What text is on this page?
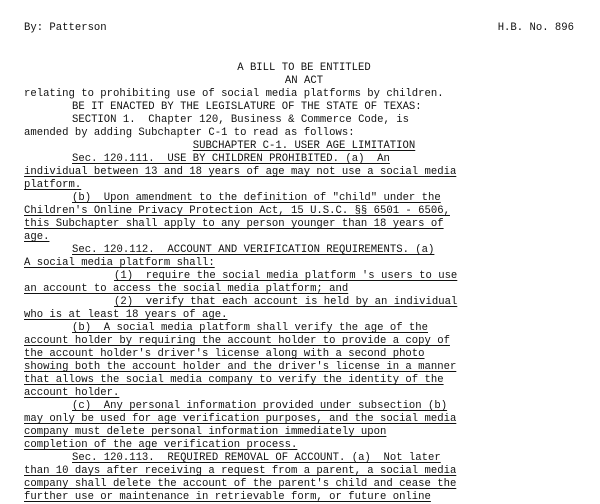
By: Patterson	H.B. No. 896
A BILL TO BE ENTITLED
AN ACT
relating to prohibiting use of social media platforms by children.
BE IT ENACTED BY THE LEGISLATURE OF THE STATE OF TEXAS:
SECTION 1.  Chapter 120, Business & Commerce Code, is
amended by adding Subchapter C-1 to read as follows:
SUBCHAPTER C-1. USER AGE LIMITATION
Sec. 120.111.  USE BY CHILDREN PROHIBITED. (a)  An
individual between 13 and 18 years of age may not use a social media
platform.
(b)  Upon amendment to the definition of "child" under the
Children's Online Privacy Protection Act, 15 U.S.C. §§ 6501 - 6506,
this Subchapter shall apply to any person younger than 18 years of
age.
Sec. 120.112.  ACCOUNT AND VERIFICATION REQUIREMENTS. (a)
A social media platform shall:
(1)  require the social media platform 's users to use
an account to access the social media platform; and
(2)  verify that each account is held by an individual
who is at least 18 years of age.
(b)  A social media platform shall verify the age of the
account holder by requiring the account holder to provide a copy of
the account holder's driver's license along with a second photo
showing both the account holder and the driver's license in a manner
that allows the social media company to verify the identity of the
account holder.
(c)  Any personal information provided under subsection (b)
may only be used for age verification purposes, and the social media
company must delete personal information immediately upon
completion of the age verification process.
Sec. 120.113.  REQUIRED REMOVAL OF ACCOUNT. (a)  Not later
than 10 days after receiving a request from a parent, a social media
company shall delete the account of the parent's child and cease the
further use or maintenance in retrievable form, or future online
